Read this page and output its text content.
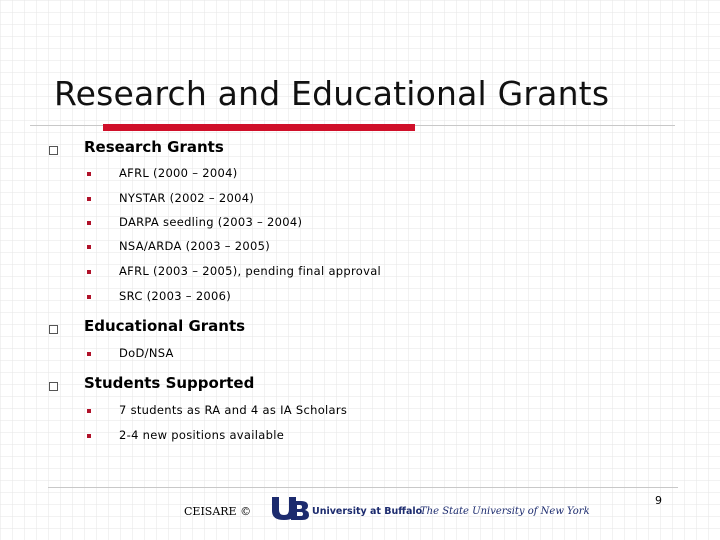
Research and Educational Grants
Research Grants
AFRL (2000 – 2004)
NYSTAR (2002 – 2004)
DARPA seedling (2003 – 2004)
NSA/ARDA (2003 – 2005)
AFRL (2003 – 2005), pending final approval
SRC (2003 – 2006)
Educational Grants
DoD/NSA
Students Supported
7 students as RA and 4 as IA Scholars
2-4 new positions available
CEISARE ©	University at Buffalo
The State University of New York
9
